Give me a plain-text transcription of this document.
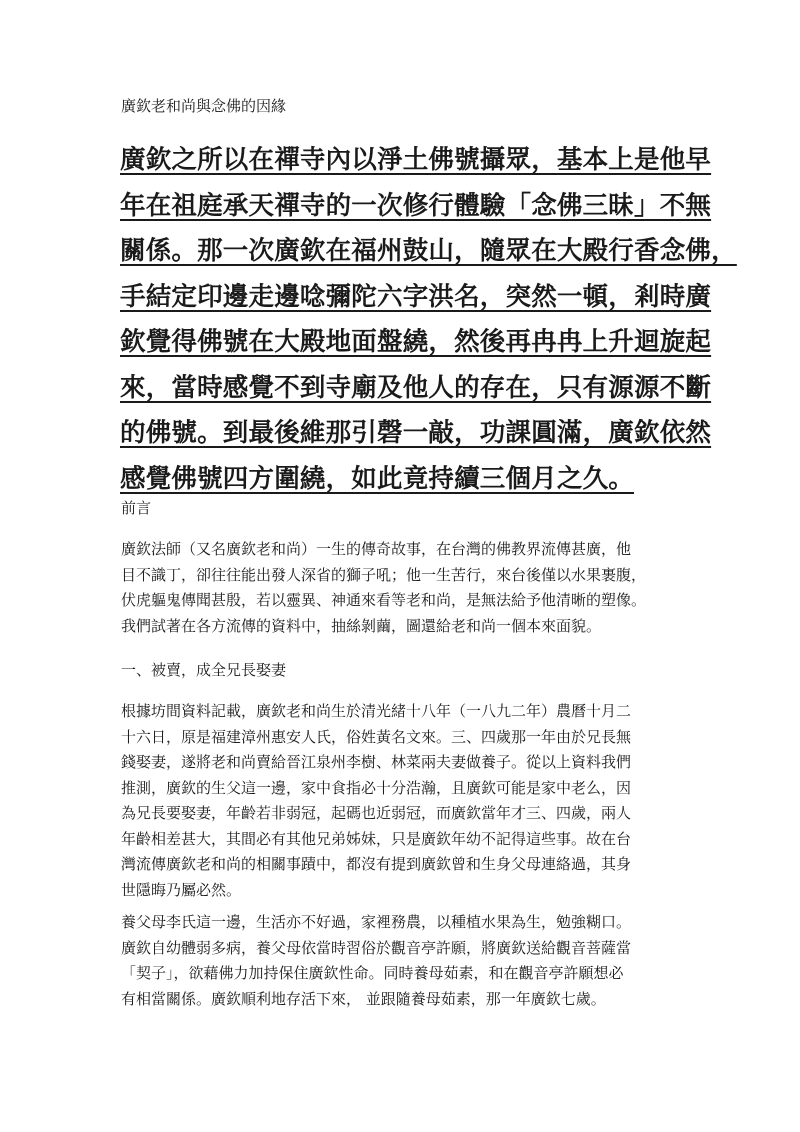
廣欽老和尚與念佛的因緣

廣欽之所以在禪寺內以淨土佛號攝眾，基本上是他早
年在祖庭承天禪寺的一次修行體驗「念佛三昧」不無
關係。那一次廣欽在福州鼓山，隨眾在大殿行香念佛，
手結定印邊走邊唸彌陀六字洪名，突然一頓，剎時廣
欽覺得佛號在大殿地面盤繞，然後再冉冉上升迴旋起
來，當時感覺不到寺廟及他人的存在，只有源源不斷
的佛號。到最後維那引磬一敲，功課圓滿，廣欽依然
感覺佛號四方圍繞，如此竟持續三個月之久。

前言

廣欽法師（又名廣欽老和尚）一生的傳奇故事，在台灣的佛教界流傳甚廣，他
目不識丁，卻往往能出發人深省的獅子吼；他一生苦行，來台後僅以水果裹腹，
伏虎軀鬼傳聞甚殷，若以靈異、神通來看等老和尚，是無法給予他清晰的塑像。
我們試著在各方流傳的資料中，抽絲剝繭，圖還給老和尚一個本來面貌。

一、被賣，成全兄長娶妻

根據坊間資料記載，廣欽老和尚生於清光緒十八年（一八九二年）農曆十月二
十六日，原是福建漳州惠安人氏，俗姓黃名文來。三、四歲那一年由於兄長無
錢娶妻，遂將老和尚賣給晉江泉州李樹、林菜兩夫妻做養子。從以上資料我們
推測，廣欽的生父這一邊，家中食指必十分浩瀚，且廣欽可能是家中老么，因
為兄長要娶妻，年齡若非弱冠，起碼也近弱冠，而廣欽當年才三、四歲，兩人
年齡相差甚大，其間必有其他兄弟姊妹，只是廣欽年幼不記得這些事。故在台
灣流傳廣欽老和尚的相關事蹟中，都沒有提到廣欽曾和生身父母連絡過，其身
世隱晦乃屬必然。

養父母李氏這一邊，生活亦不好過，家裡務農，以種植水果為生，勉強糊口。
廣欽自幼體弱多病，養父母依當時習俗於觀音亭許願，將廣欽送給觀音菩薩當
「契子」，欲藉佛力加持保住廣欽性命。同時養母茹素，和在觀音亭許願想必
有相當關係。廣欽順利地存活下來， 並跟隨養母茹素，那一年廣欽七歲。
